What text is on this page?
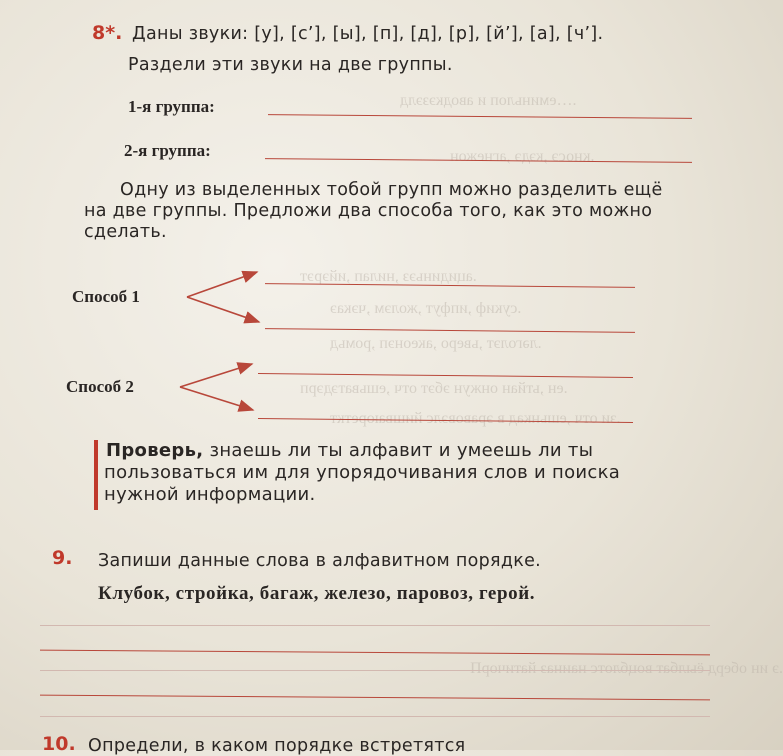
.…еминьлоп и аводкэзэлд
.кносэ ,кэдэ ,агнежон
.ацидиньэз ,нилап ,ийэрэт
.сукиф ,ипфут ,жолэм ,чэкаэ
.ләголэт ,ьверо ,акеонэп ,ромьд
.ен ,ьтйан онжун эбэт отч ,ешьватэдэрп
.зи отч ,ешьнкад в эравовэлс йишваюреткт
.э ин оберд ёылбат воцблотс наиназ йатичорП
8*. Даны звуки: [у], [с’], [ы], [п], [д], [р], [й’], [а], [ч’].
Раздели эти звуки на две группы.
1-я группа:
2-я группа:
Одну из выделенных тобой групп можно разделить ещё
на две группы. Предложи два способа того, как это можно
сделать.
Способ 1
Способ 2
Проверь, знаешь ли ты алфавит и умеешь ли ты
пользоваться им для упорядочивания слов и поиска
нужной информации.
9. Запиши данные слова в алфавитном порядке.
Клубок, стройка, багаж, железо, паровоз, герой.
10. Определи, в каком порядке встретятся
